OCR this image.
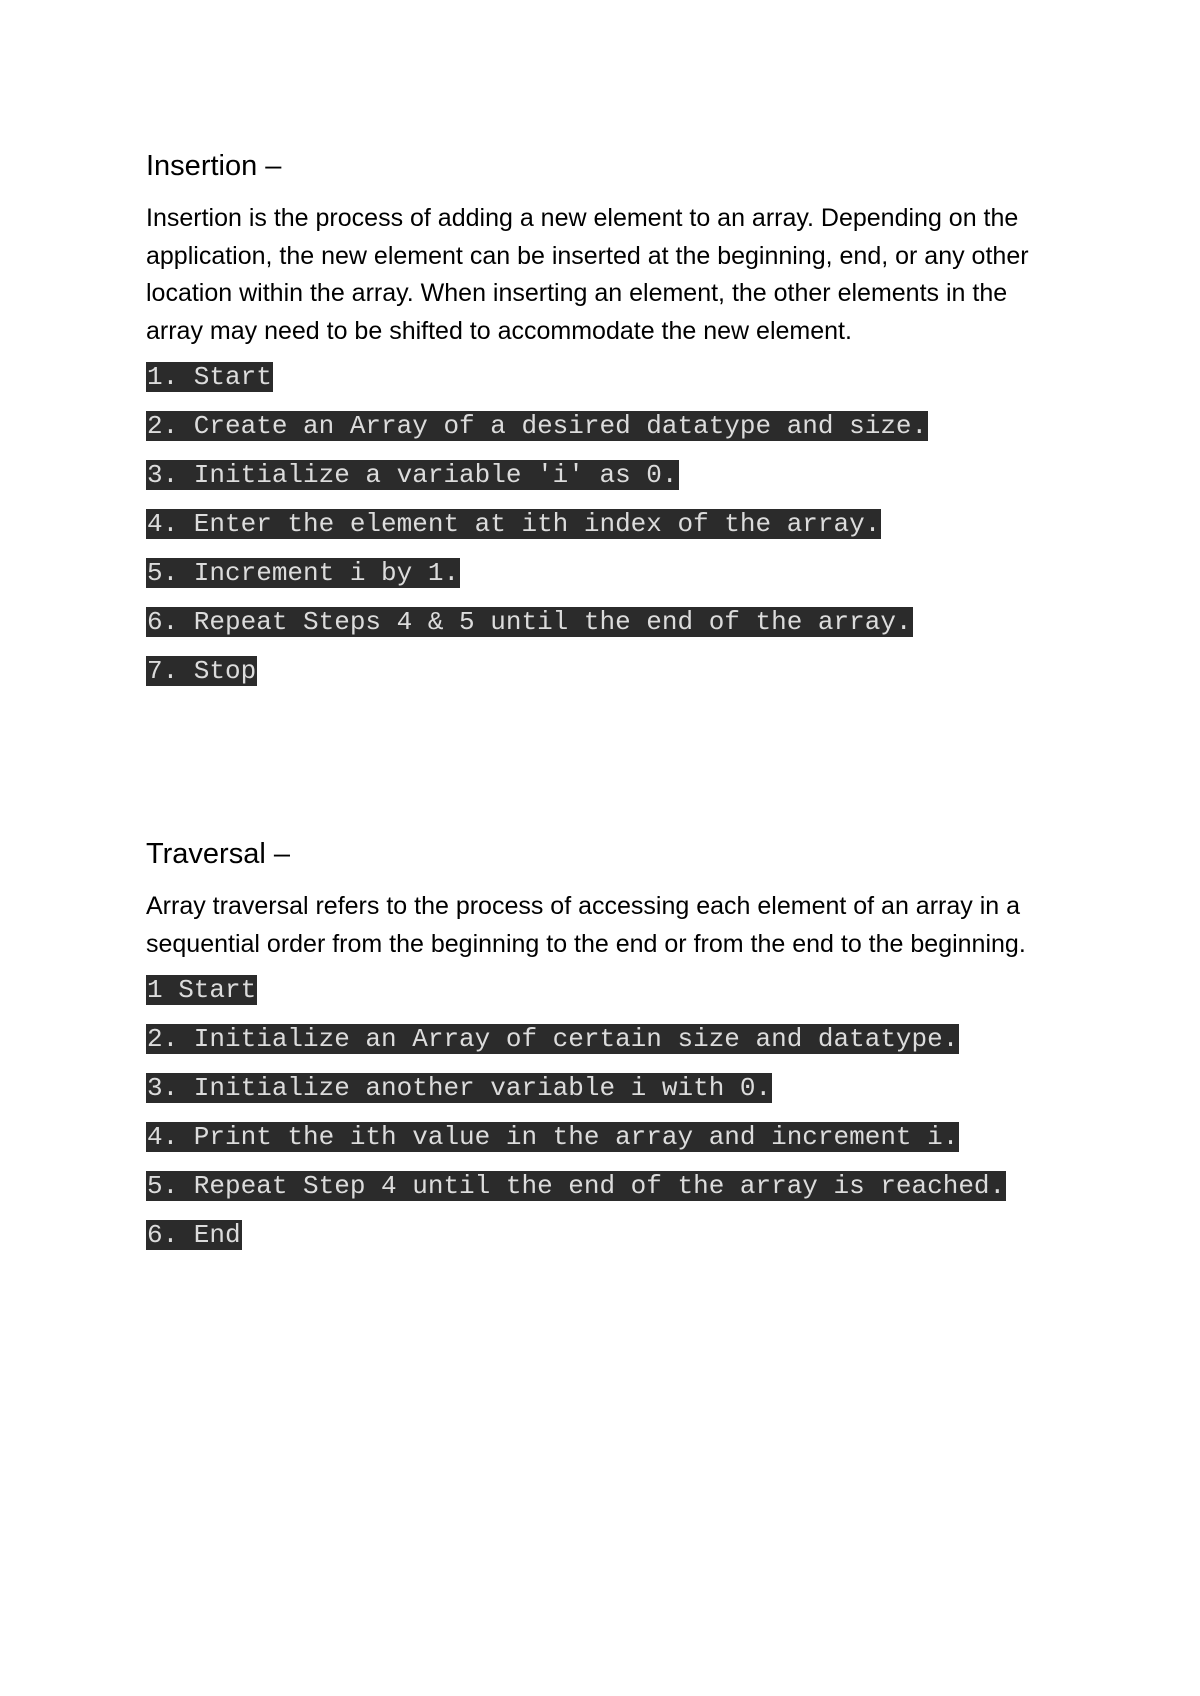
Insertion –

Insertion is the process of adding a new element to an array. Depending on the application, the new element can be inserted at the beginning, end, or any other location within the array. When inserting an element, the other elements in the array may need to be shifted to accommodate the new element.

1. Start
2. Create an Array of a desired datatype and size.
3. Initialize a variable 'i' as 0.
4. Enter the element at ith index of the array.
5. Increment i by 1.
6. Repeat Steps 4 & 5 until the end of the array.
7. Stop
Traversal –

Array traversal refers to the process of accessing each element of an array in a sequential order from the beginning to the end or from the end to the beginning.

1 Start
2. Initialize an Array of certain size and datatype.
3. Initialize another variable i with 0.
4. Print the ith value in the array and increment i.
5. Repeat Step 4 until the end of the array is reached.
6. End
